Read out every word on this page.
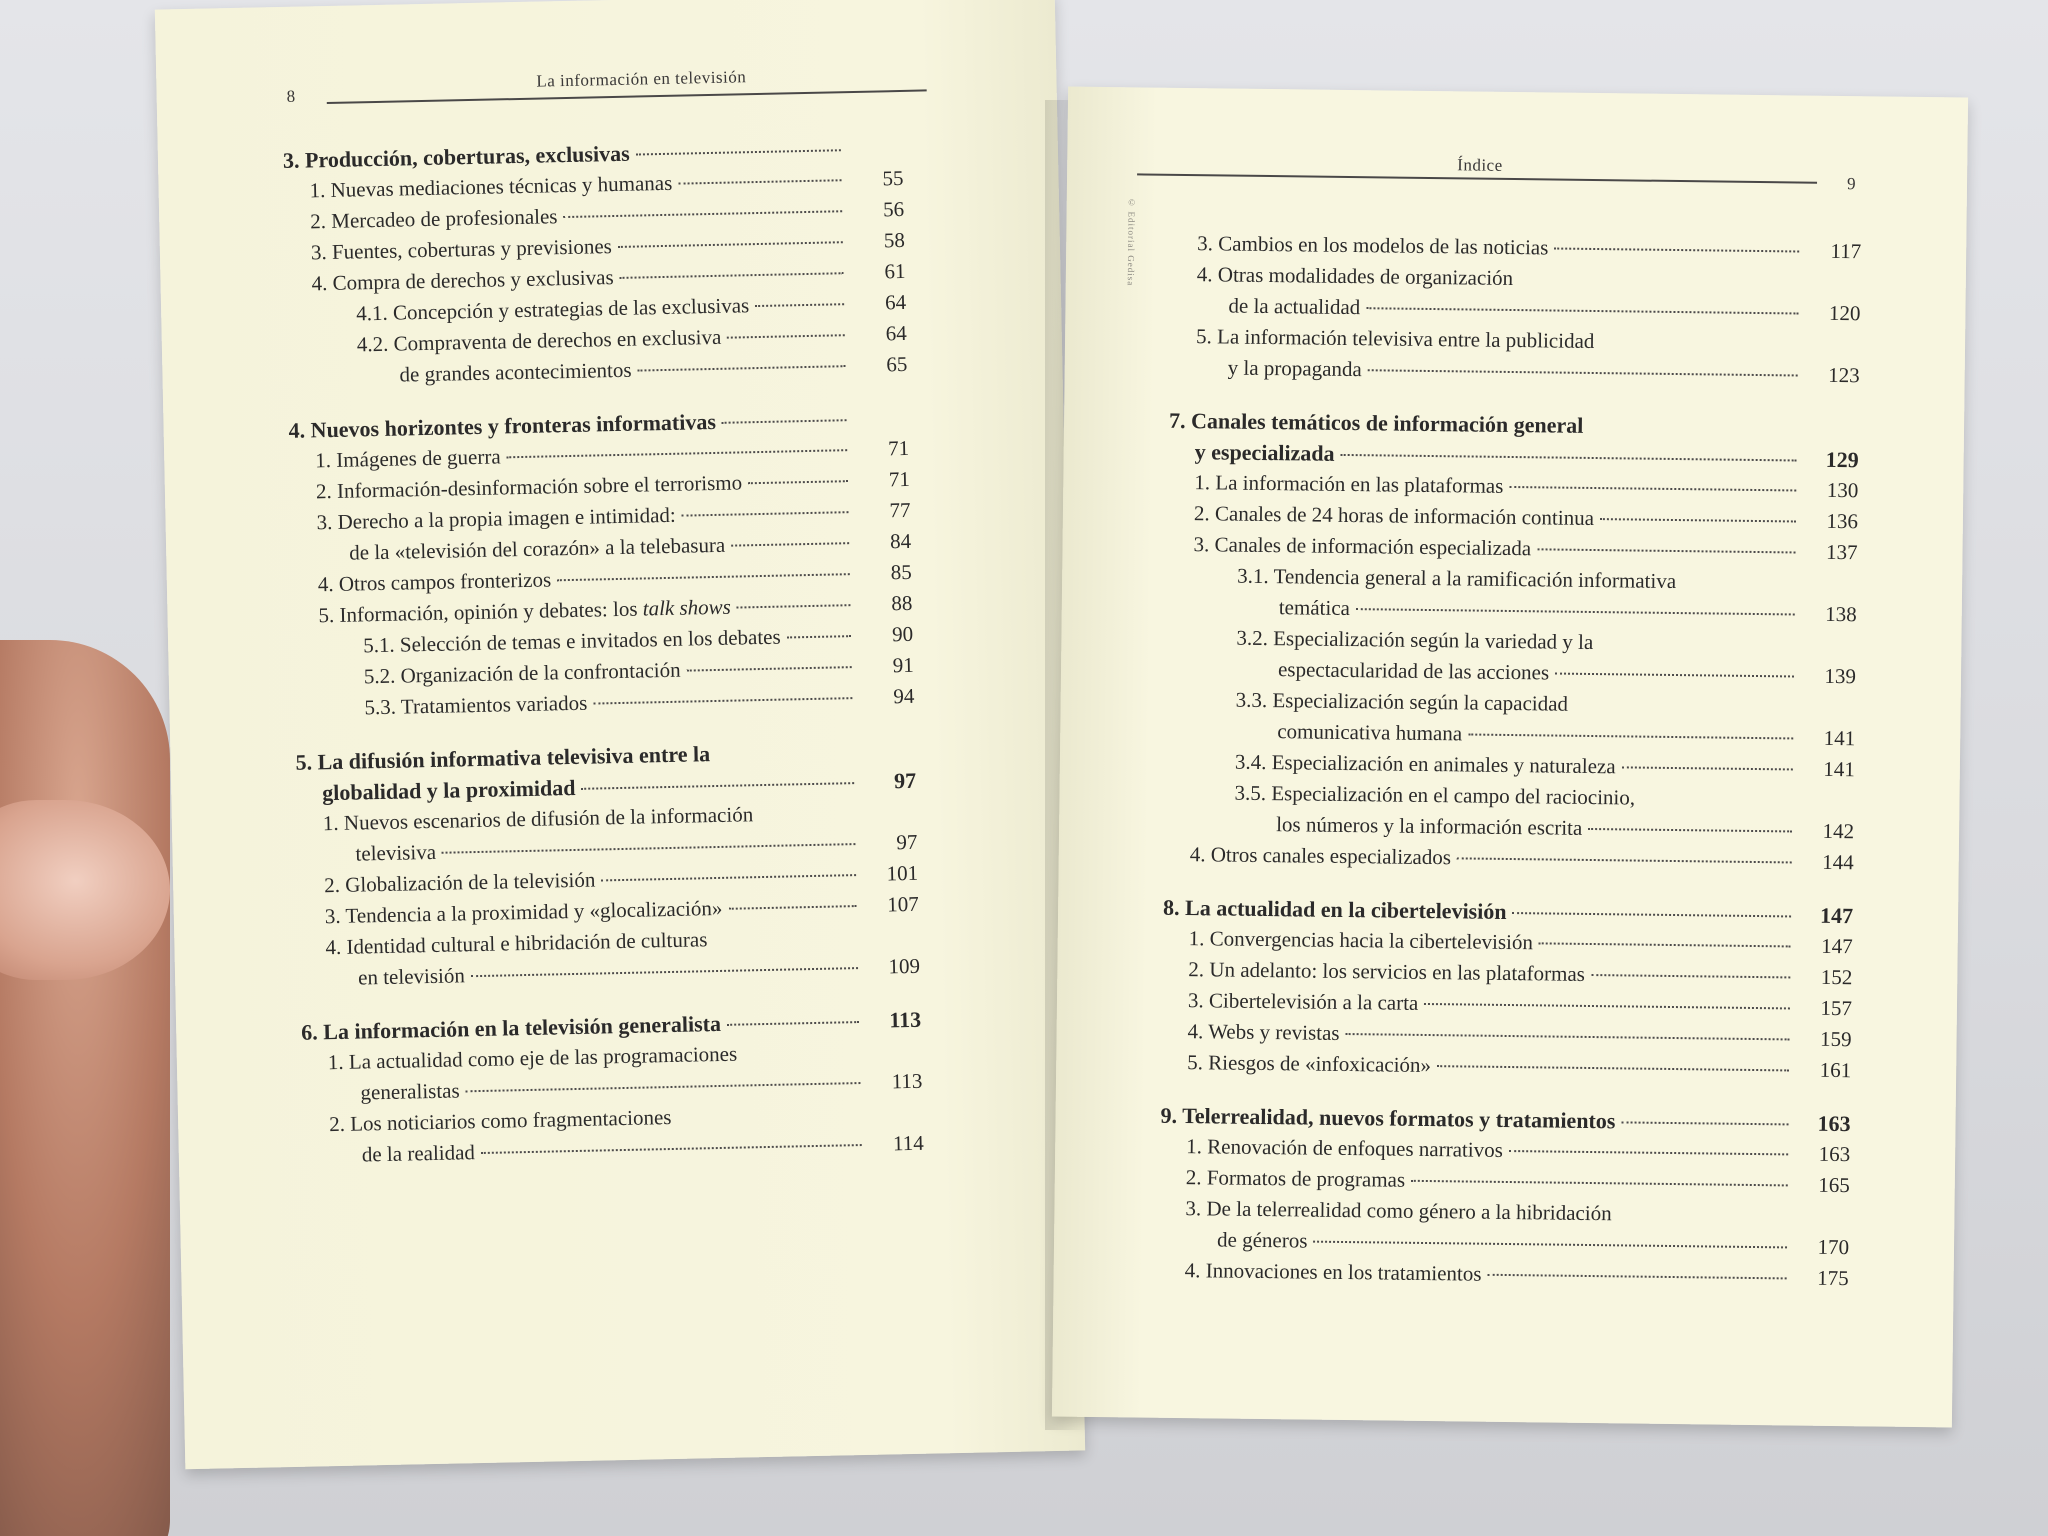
8
La información en televisión
3. Producción, coberturas, exclusivas
1. Nuevas mediaciones técnicas y humanas	55
2. Mercadeo de profesionales	56
3. Fuentes, coberturas y previsiones	58
4. Compra de derechos y exclusivas	61
4.1. Concepción y estrategias de las exclusivas	64
4.2. Compraventa de derechos en exclusiva	64
de grandes acontecimientos	65
4. Nuevos horizontes y fronteras informativas
1. Imágenes de guerra	71
2. Información-desinformación sobre el terrorismo	71
3. Derecho a la propia imagen e intimidad:	77
de la «televisión del corazón» a la telebasura	84
4. Otros campos fronterizos	85
5. Información, opinión y debates: los talk shows	88
5.1. Selección de temas e invitados en los debates	90
5.2. Organización de la confrontación	91
5.3. Tratamientos variados	94
5. La difusión informativa televisiva entre la
globalidad y la proximidad	97
1. Nuevos escenarios de difusión de la información
televisiva	97
2. Globalización de la televisión	101
3. Tendencia a la proximidad y «glocalización»	107
4. Identidad cultural e hibridación de culturas
en televisión	109
6. La información en la televisión generalista	113
1. La actualidad como eje de las programaciones
generalistas	113
2. Los noticiarios como fragmentaciones
de la realidad	114
© Editorial Gedisa
Índice
9
3. Cambios en los modelos de las noticias	117
4. Otras modalidades de organización
de la actualidad	120
5. La información televisiva entre la publicidad
y la propaganda	123
7. Canales temáticos de información general
y especializada	129
1. La información en las plataformas	130
2. Canales de 24 horas de información continua	136
3. Canales de información especializada	137
3.1. Tendencia general a la ramificación informativa
temática	138
3.2. Especialización según la variedad y la
espectacularidad de las acciones	139
3.3. Especialización según la capacidad
comunicativa humana	141
3.4. Especialización en animales y naturaleza	141
3.5. Especialización en el campo del raciocinio,
los números y la información escrita	142
4. Otros canales especializados	144
8. La actualidad en la cibertelevisión	147
1. Convergencias hacia la cibertelevisión	147
2. Un adelanto: los servicios en las plataformas	152
3. Cibertelevisión a la carta	157
4. Webs y revistas	159
5. Riesgos de «infoxicación»	161
9. Telerrealidad, nuevos formatos y tratamientos	163
1. Renovación de enfoques narrativos	163
2. Formatos de programas	165
3. De la telerrealidad como género a la hibridación
de géneros	170
4. Innovaciones en los tratamientos	175
